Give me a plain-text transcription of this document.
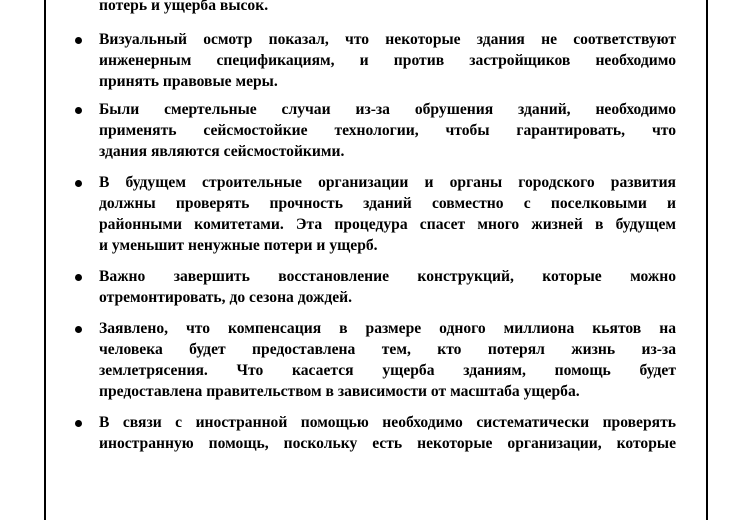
потерь и ущерба высок.
Визуальный осмотр показал, что некоторые здания не соответствуют
инженерным спецификациям, и против застройщиков необходимо
принять правовые меры.
Были смертельные случаи из-за обрушения зданий, необходимо
применять сейсмостойкие технологии, чтобы гарантировать, что
здания являются сейсмостойкими.
В будущем строительные организации и органы городского развития
должны проверять прочность зданий совместно с поселковыми и
районными комитетами. Эта процедура спасет много жизней в будущем
и уменьшит ненужные потери и ущерб.
Важно завершить восстановление конструкций, которые можно
отремонтировать, до сезона дождей.
Заявлено, что компенсация в размере одного миллиона кьятов на
человека будет предоставлена тем, кто потерял жизнь из-за
землетрясения. Что касается ущерба зданиям, помощь будет
предоставлена правительством в зависимости от масштаба ущерба.
В связи с иностранной помощью необходимо систематически проверять
иностранную помощь, поскольку есть некоторые организации, которые
